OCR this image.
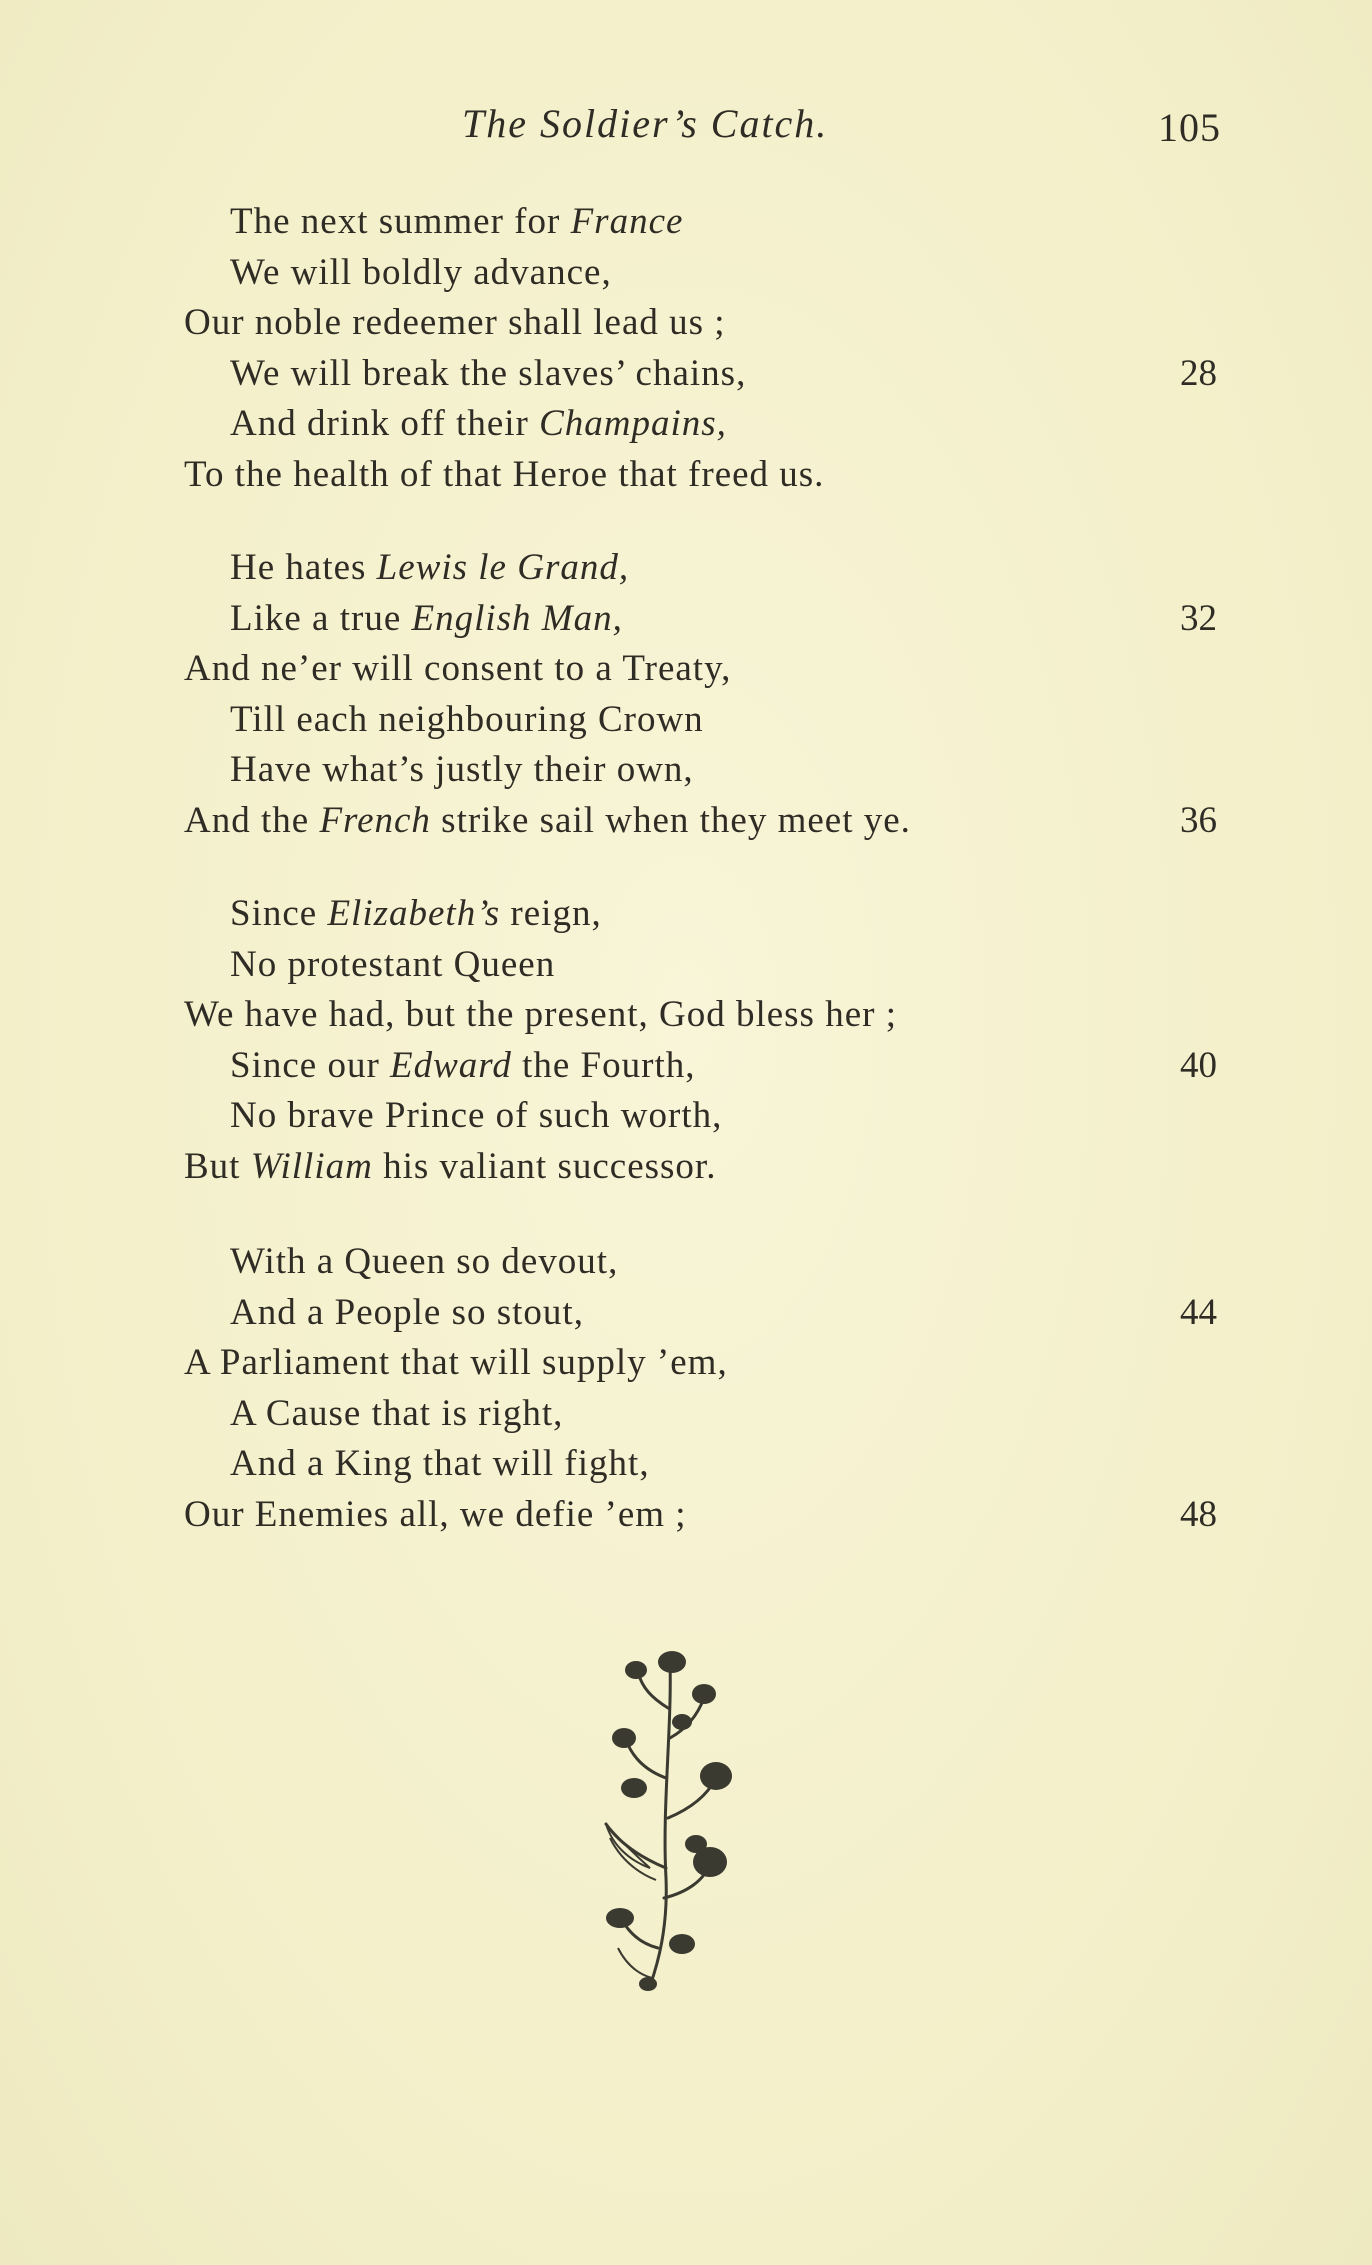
The Soldier’s Catch.	105
The next summer for France
We will boldly advance,
Our noble redeemer shall lead us ;
We will break the slaves’ chains,	28
And drink off their Champains,
To the health of that Heroe that freed us.
He hates Lewis le Grand,
Like a true English Man,	32
And ne’er will consent to a Treaty,
Till each neighbouring Crown
Have what’s justly their own,
And the French strike sail when they meet ye.	36
Since Elizabeth’s reign,
No protestant Queen
We have had, but the present, God bless her ;
Since our Edward the Fourth,	40
No brave Prince of such worth,
But William his valiant successor.
With a Queen so devout,
And a People so stout,	44
A Parliament that will supply ’em,
A Cause that is right,
And a King that will fight,
Our Enemies all, we defie ’em ;	48
